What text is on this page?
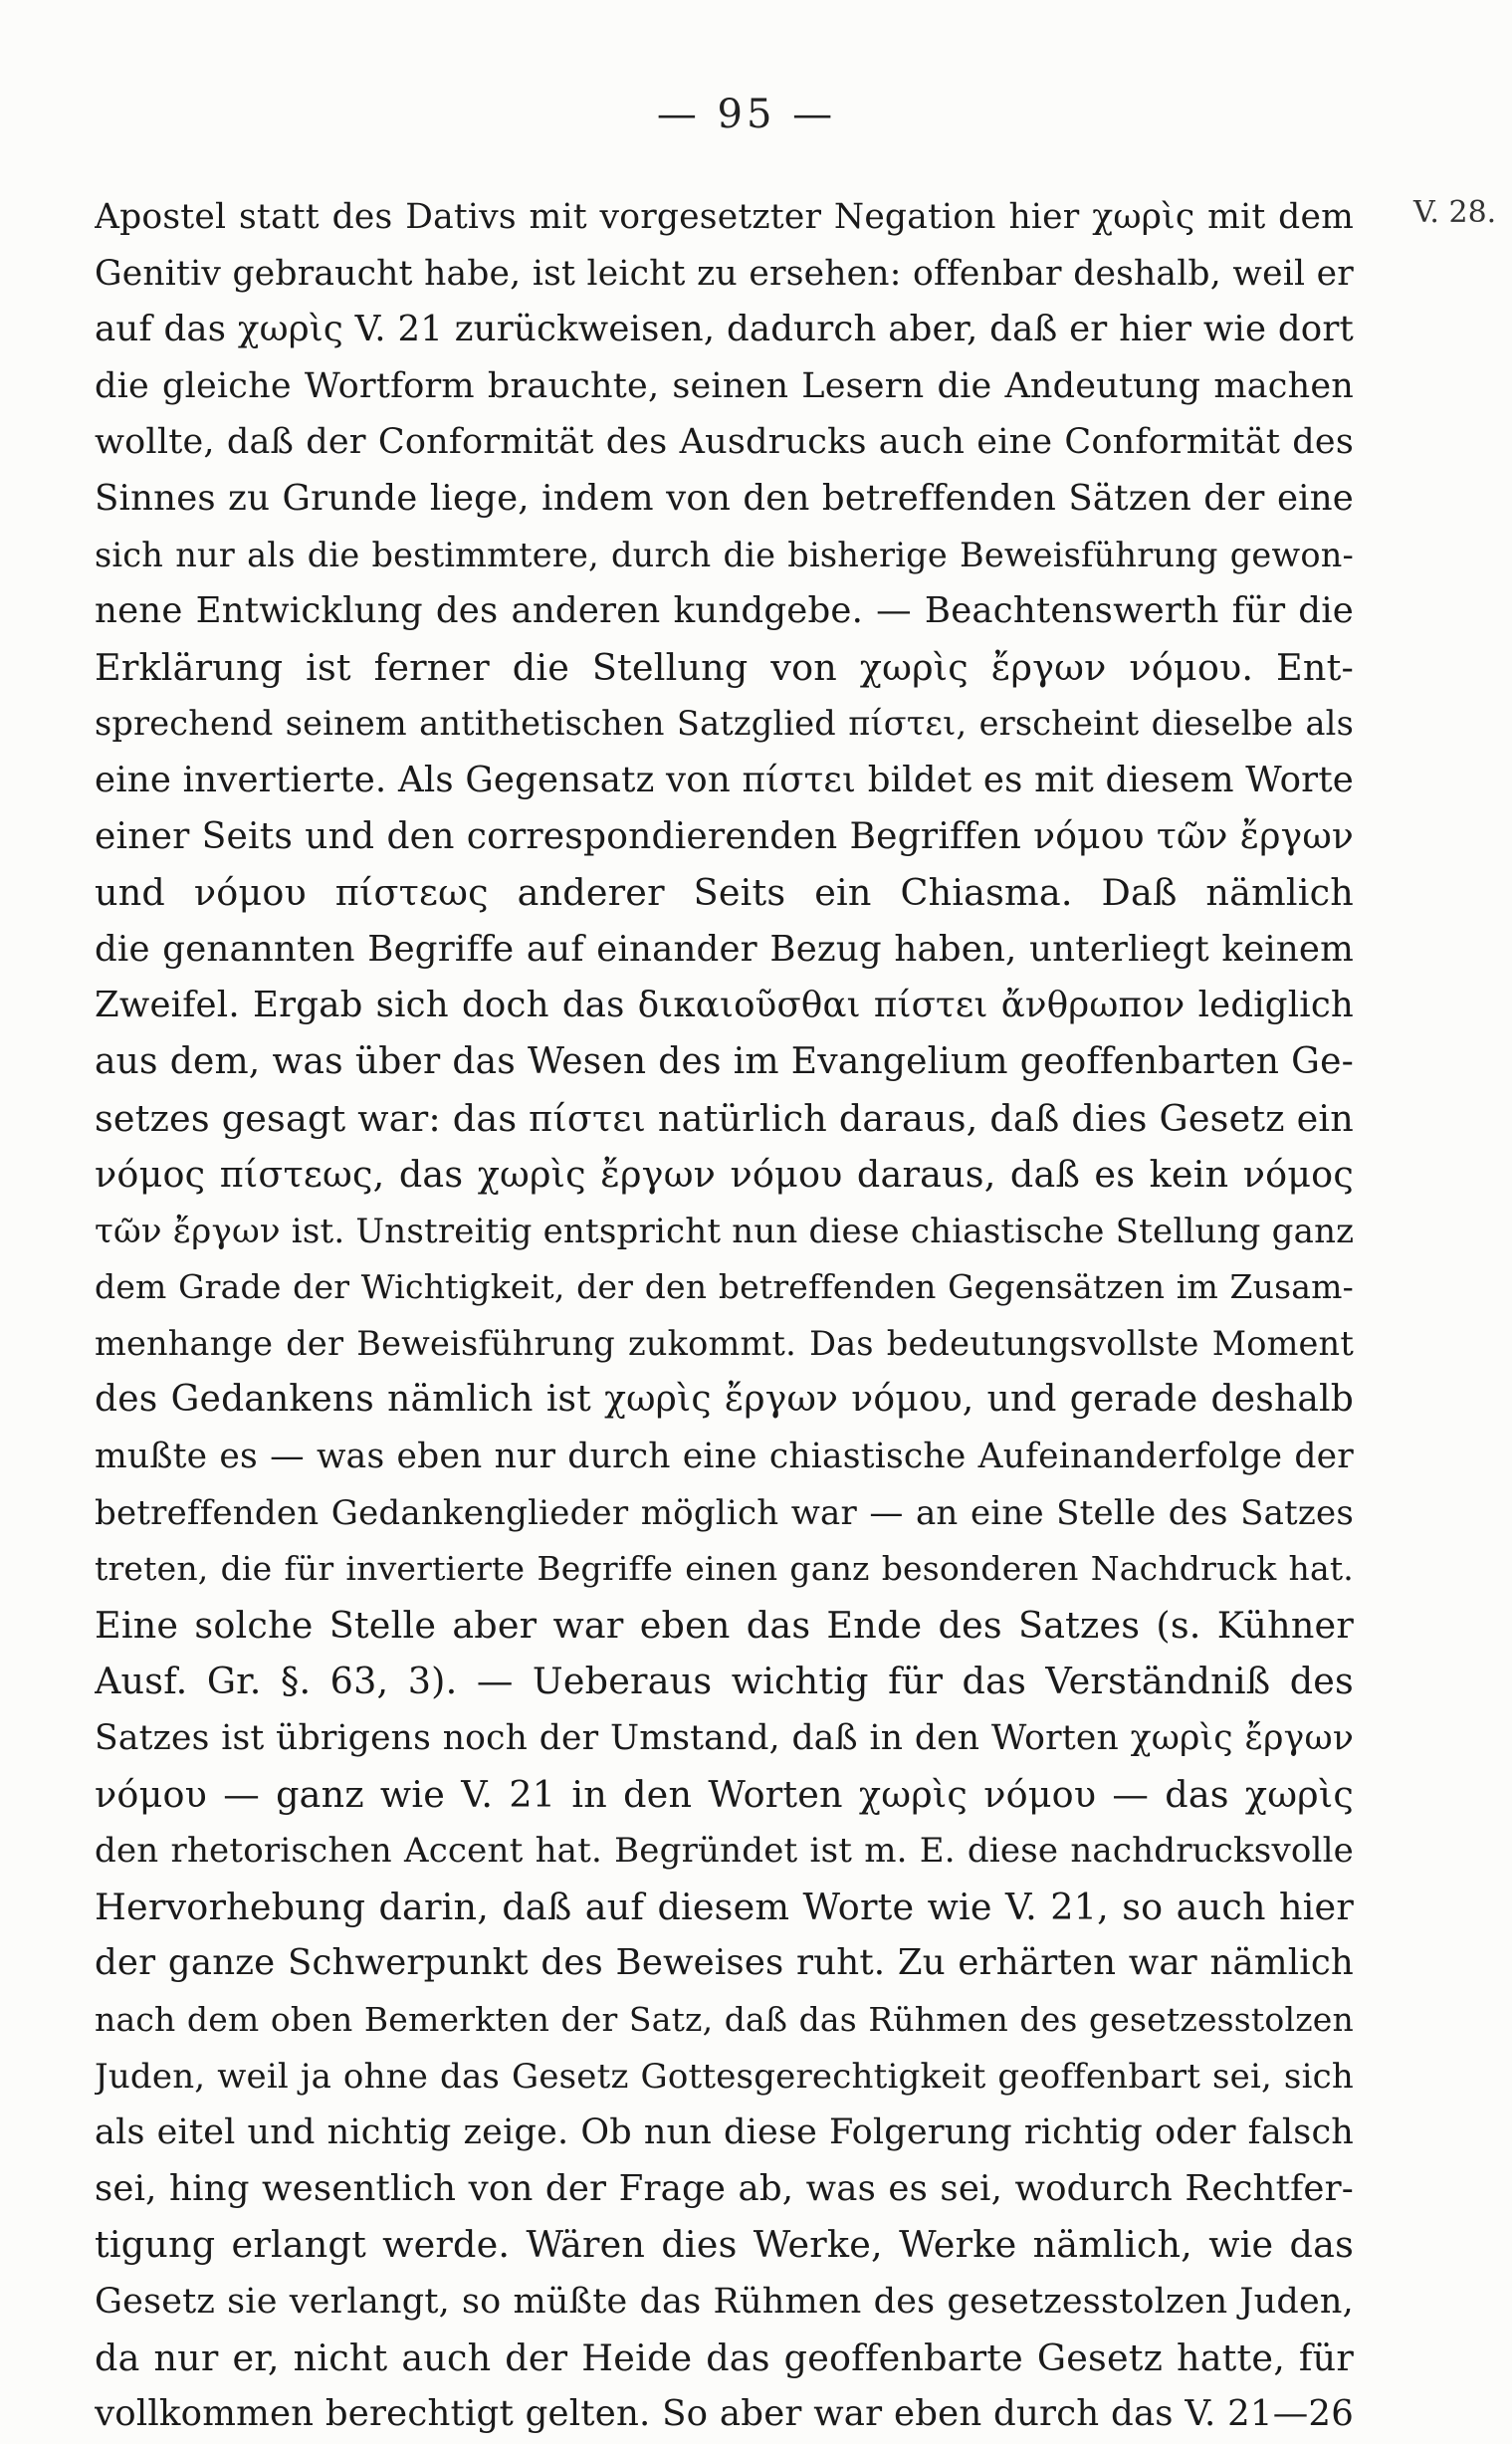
— 95 —
V. 28.
Apostel statt des Dativs mit vorgesetzter Negation hier χωρὶς mit dem
Genitiv gebraucht habe, ist leicht zu ersehen: offenbar deshalb, weil er
auf das χωρὶς V. 21 zurückweisen, dadurch aber, daß er hier wie dort
die gleiche Wortform brauchte, seinen Lesern die Andeutung machen
wollte, daß der Conformität des Ausdrucks auch eine Conformität des
Sinnes zu Grunde liege, indem von den betreffenden Sätzen der eine
sich nur als die bestimmtere, durch die bisherige Beweisführung gewon-
nene Entwicklung des anderen kundgebe. — Beachtenswerth für die
Erklärung ist ferner die Stellung von χωρὶς ἔργων νόμου. Ent-
sprechend seinem antithetischen Satzglied πίστει, erscheint dieselbe als
eine invertierte. Als Gegensatz von πίστει bildet es mit diesem Worte
einer Seits und den correspondierenden Begriffen νόμου τῶν ἔργων
und νόμου πίστεως anderer Seits ein Chiasma. Daß nämlich
die genannten Begriffe auf einander Bezug haben, unterliegt keinem
Zweifel. Ergab sich doch das δικαιοῦσθαι πίστει ἄνθρωπον lediglich
aus dem, was über das Wesen des im Evangelium geoffenbarten Ge-
setzes gesagt war: das πίστει natürlich daraus, daß dies Gesetz ein
νόμος πίστεως, das χωρὶς ἔργων νόμου daraus, daß es kein νόμος
τῶν ἔργων ist. Unstreitig entspricht nun diese chiastische Stellung ganz
dem Grade der Wichtigkeit, der den betreffenden Gegensätzen im Zusam-
menhange der Beweisführung zukommt. Das bedeutungsvollste Moment
des Gedankens nämlich ist χωρὶς ἔργων νόμου, und gerade deshalb
mußte es — was eben nur durch eine chiastische Aufeinanderfolge der
betreffenden Gedankenglieder möglich war — an eine Stelle des Satzes
treten, die für invertierte Begriffe einen ganz besonderen Nachdruck hat.
Eine solche Stelle aber war eben das Ende des Satzes (s. Kühner
Ausf. Gr. §. 63, 3). — Ueberaus wichtig für das Verständniß des
Satzes ist übrigens noch der Umstand, daß in den Worten χωρὶς ἔργων
νόμου — ganz wie V. 21 in den Worten χωρὶς νόμου — das χωρὶς
den rhetorischen Accent hat. Begründet ist m. E. diese nachdrucksvolle
Hervorhebung darin, daß auf diesem Worte wie V. 21, so auch hier
der ganze Schwerpunkt des Beweises ruht. Zu erhärten war nämlich
nach dem oben Bemerkten der Satz, daß das Rühmen des gesetzesstolzen
Juden, weil ja ohne das Gesetz Gottesgerechtigkeit geoffenbart sei, sich
als eitel und nichtig zeige. Ob nun diese Folgerung richtig oder falsch
sei, hing wesentlich von der Frage ab, was es sei, wodurch Rechtfer-
tigung erlangt werde. Wären dies Werke, Werke nämlich, wie das
Gesetz sie verlangt, so müßte das Rühmen des gesetzesstolzen Juden,
da nur er, nicht auch der Heide das geoffenbarte Gesetz hatte, für
vollkommen berechtigt gelten. So aber war eben durch das V. 21—26
